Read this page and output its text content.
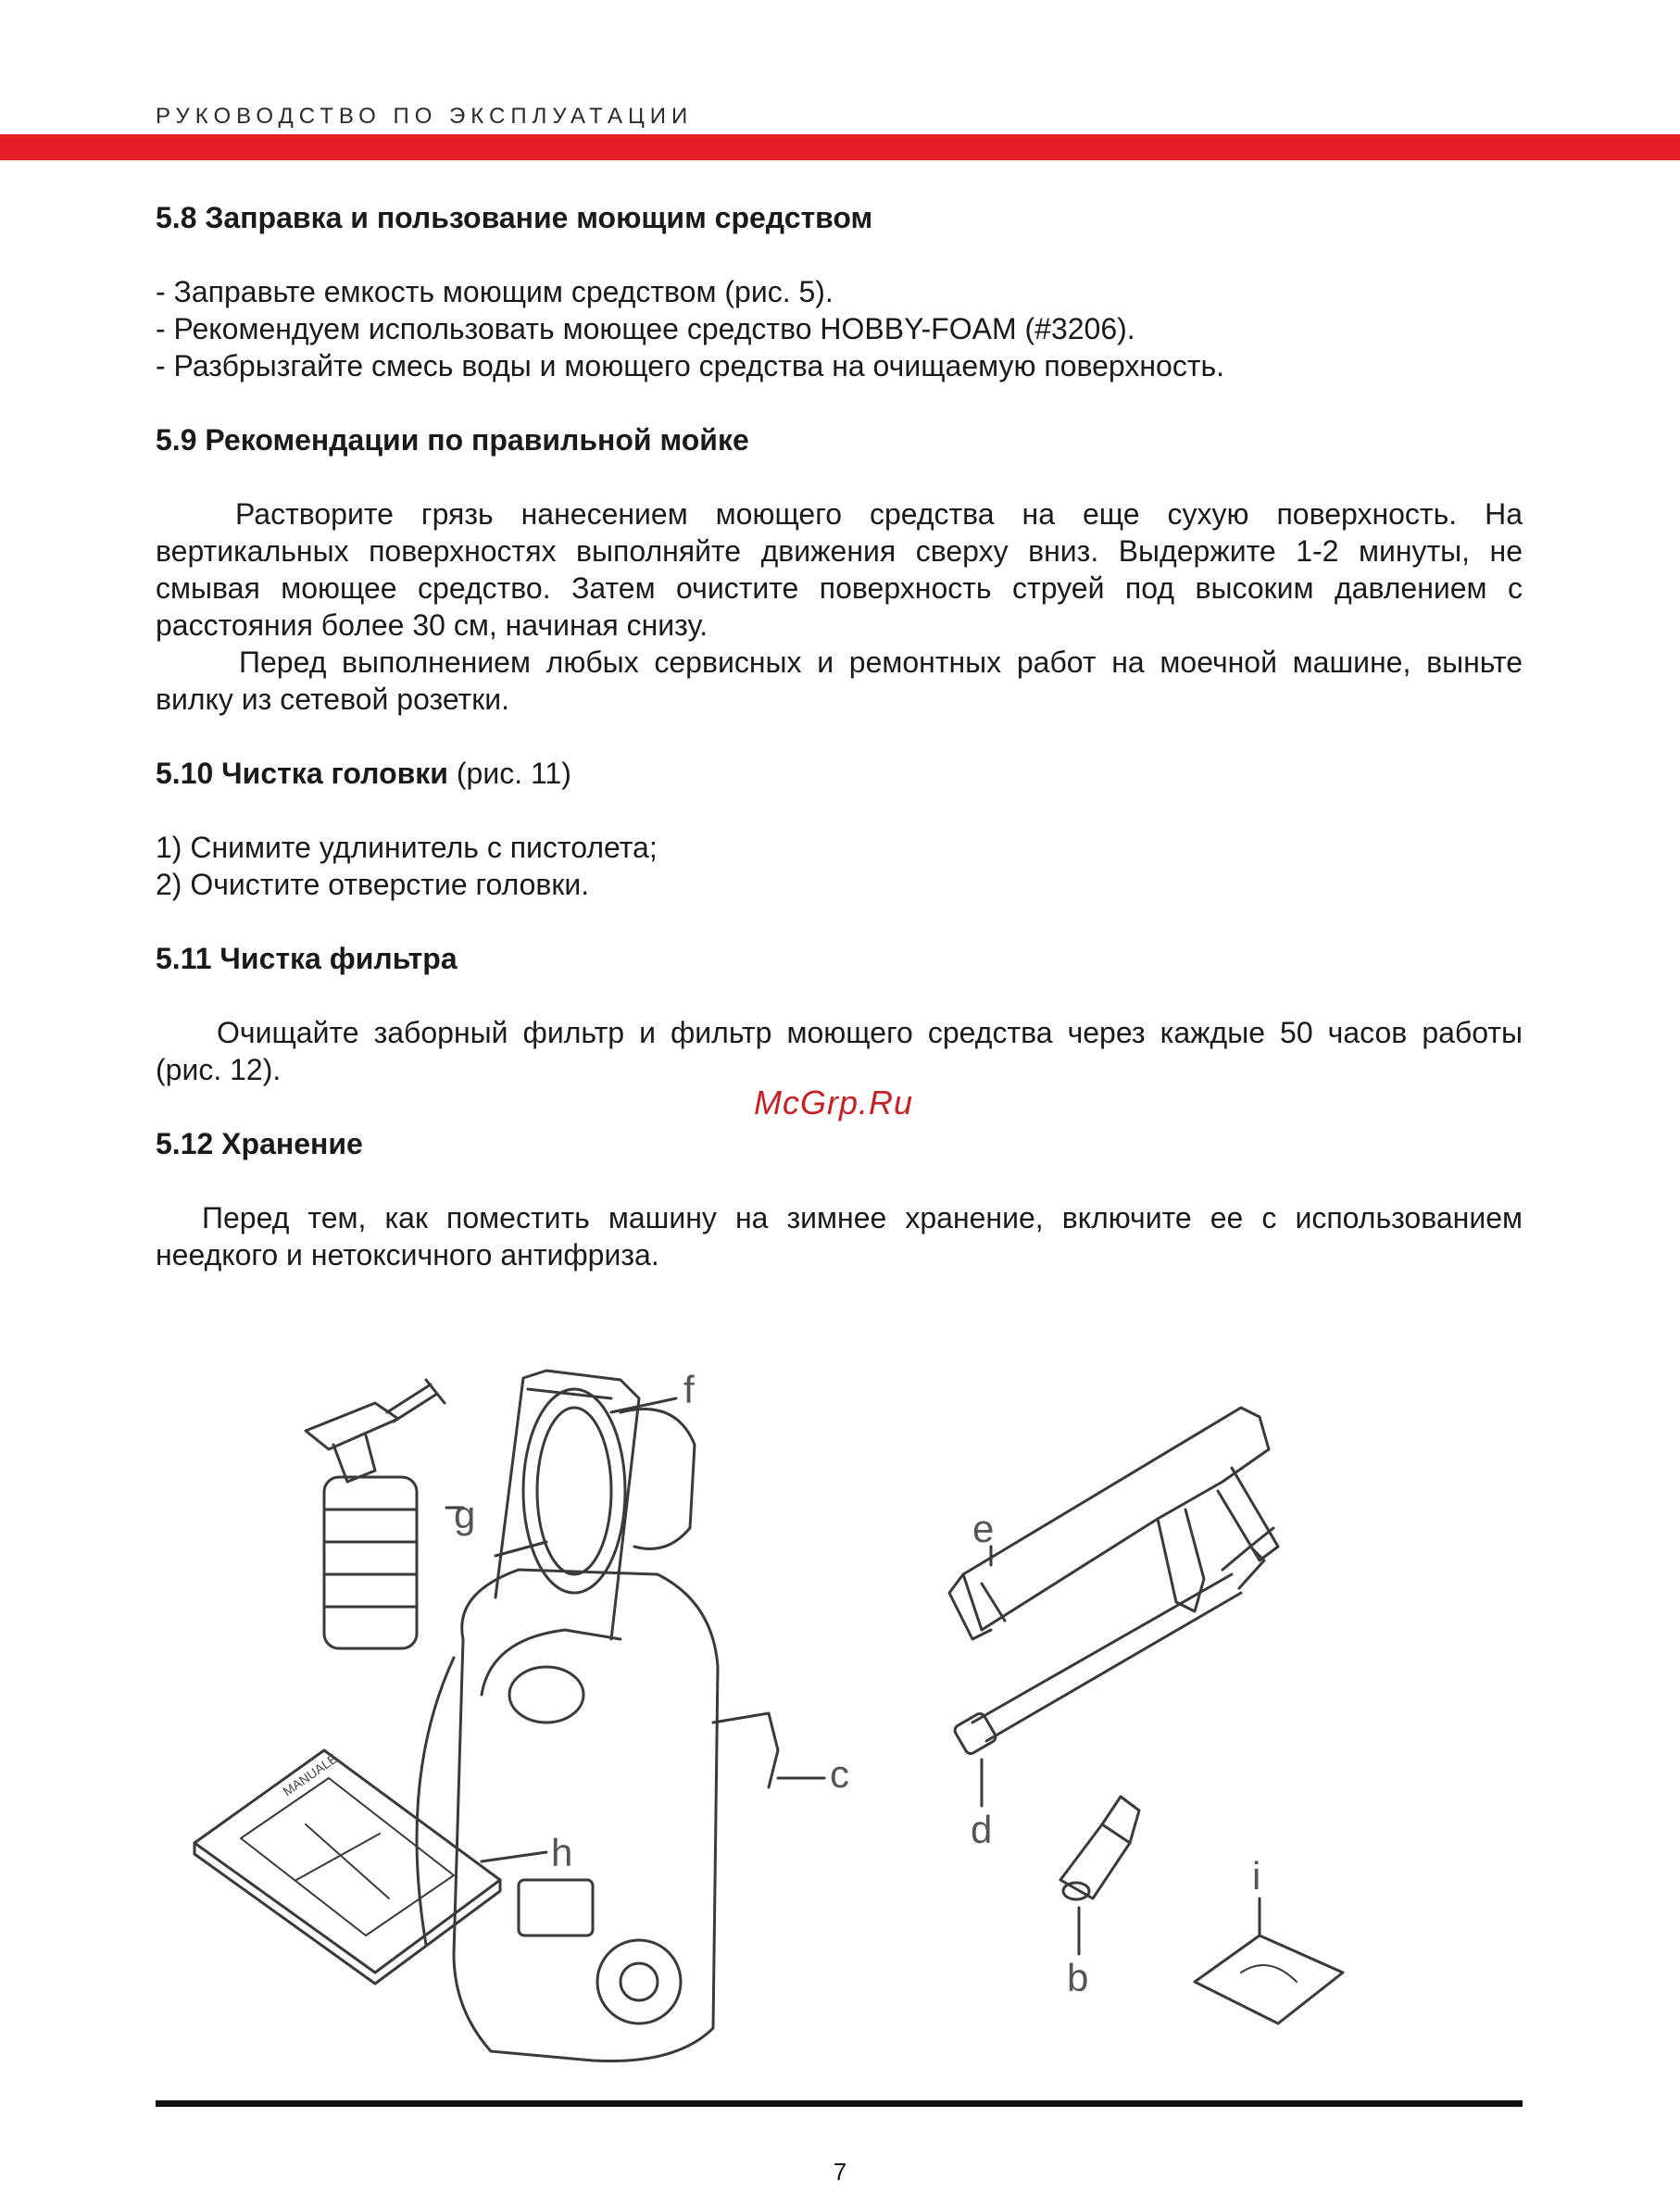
РУКОВОДСТВО ПО ЭКСПЛУАТАЦИИ
5.8 Заправка и пользование моющим средством

- Заправьте емкость моющим средством (рис. 5).

- Рекомендуем использовать моющее средство HOBBY-FOAM (#3206).

- Разбрызгайте смесь воды и моющего средства на очищаемую поверхность.

5.9 Рекомендации по правильной мойке

Растворите грязь нанесением моющего средства на еще сухую поверхность. На вертикальных поверхностях выполняйте движения сверху вниз. Выдержите 1-2 минуты, не смывая моющее средство. Затем очистите поверхность струей под высоким давлением с расстояния более 30 см, начиная снизу.

Перед выполнением любых сервисных и ремонтных работ на моечной машине, выньте вилку из сетевой розетки.

5.10 Чистка головки (рис. 11)

1) Снимите удлинитель с пистолета;

2) Очистите отверстие головки.

5.11 Чистка фильтра

Очищайте заборный фильтр и фильтр моющего средства через каждые 50 часов работы (рис. 12).

5.12 Хранение

Перед тем, как поместить машину на зимнее хранение, включите ее с использованием неедкого и нетоксичного антифриза.

McGrp.Ru
g
f
e
c
h
d
b
i
MANUALE
7
